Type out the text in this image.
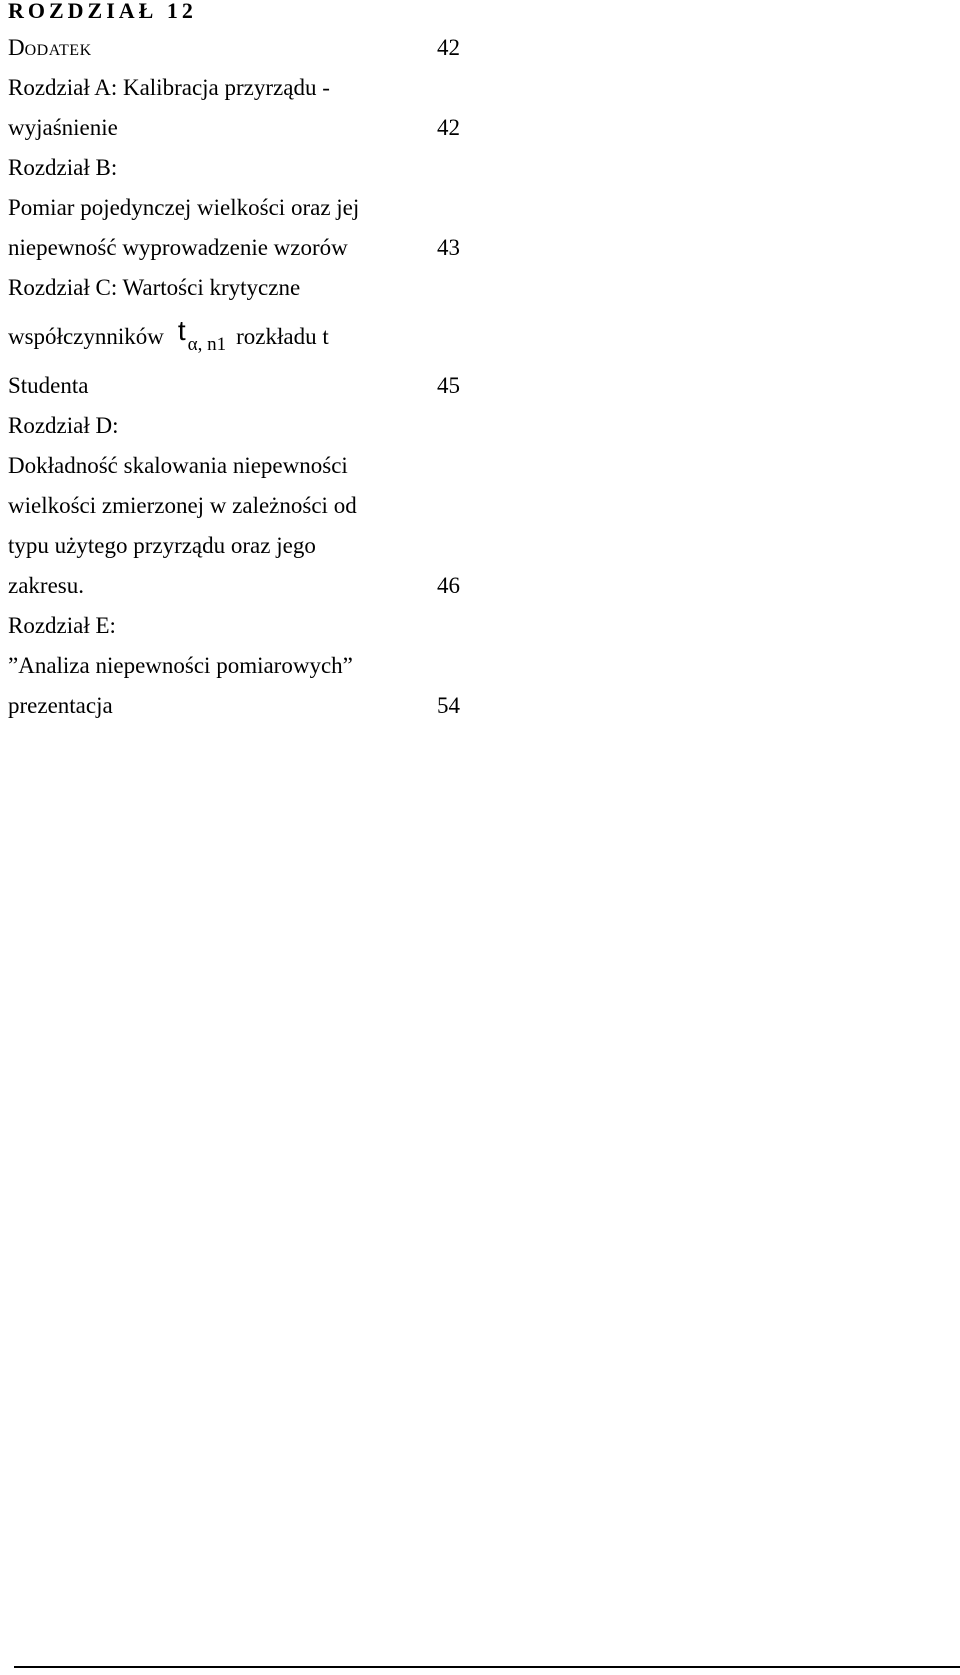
ROZDZIAŁ 12
Dodatek	42
Rozdział A: Kalibracja przyrządu -
wyjaśnienie	42
Rozdział B:
Pomiar pojedynczej wielkości oraz jej
niepewność wyprowadzenie wzorów	43
Rozdział C: Wartości krytyczne
współczynników t α, n1 rozkładu t
Studenta	45
Rozdział D:
Dokładność skalowania niepewności
wielkości zmierzonej w zależności od
typu użytego przyrządu oraz jego
zakresu.	46
Rozdział E:
”Analiza niepewności pomiarowych”
prezentacja	54
